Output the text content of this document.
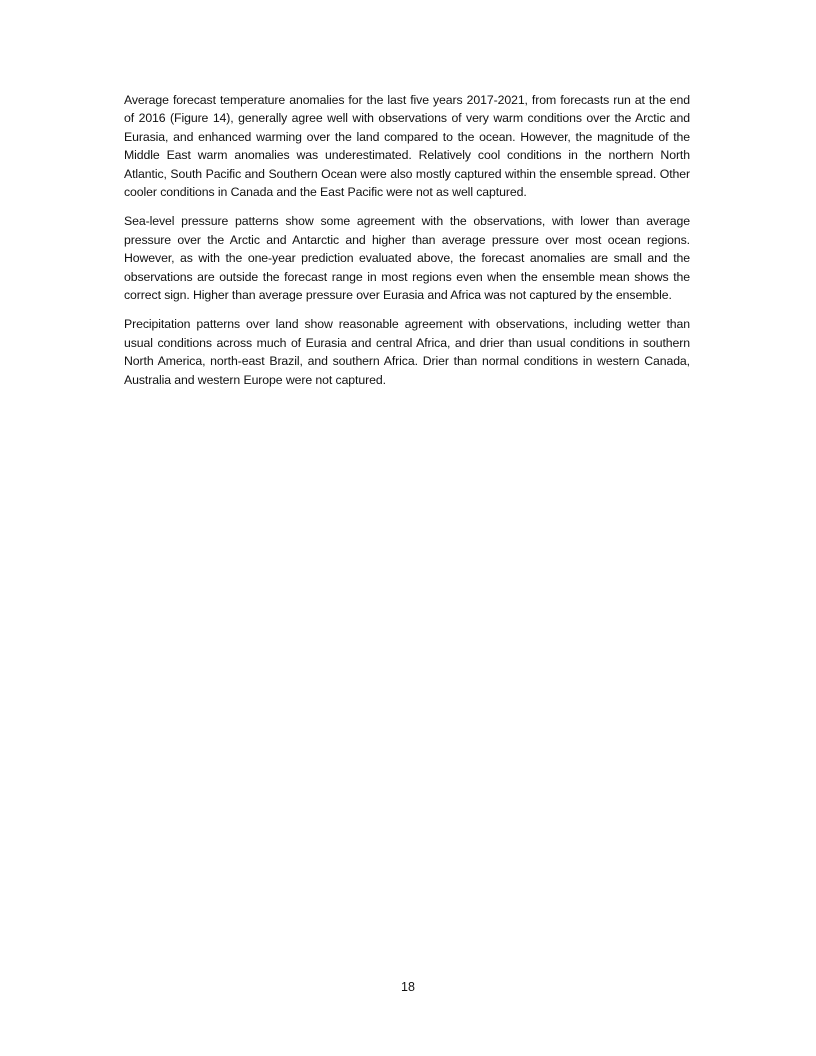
Average forecast temperature anomalies for the last five years 2017-2021, from forecasts run at the end of 2016 (Figure 14), generally agree well with observations of very warm conditions over the Arctic and Eurasia, and enhanced warming over the land compared to the ocean. However, the magnitude of the Middle East warm anomalies was underestimated. Relatively cool conditions in the northern North Atlantic, South Pacific and Southern Ocean were also mostly captured within the ensemble spread. Other cooler conditions in Canada and the East Pacific were not as well captured.

Sea-level pressure patterns show some agreement with the observations, with lower than average pressure over the Arctic and Antarctic and higher than average pressure over most ocean regions. However, as with the one-year prediction evaluated above, the forecast anomalies are small and the observations are outside the forecast range in most regions even when the ensemble mean shows the correct sign. Higher than average pressure over Eurasia and Africa was not captured by the ensemble.

Precipitation patterns over land show reasonable agreement with observations, including wetter than usual conditions across much of Eurasia and central Africa, and drier than usual conditions in southern North America, north-east Brazil, and southern Africa. Drier than normal conditions in western Canada, Australia and western Europe were not captured.

18
